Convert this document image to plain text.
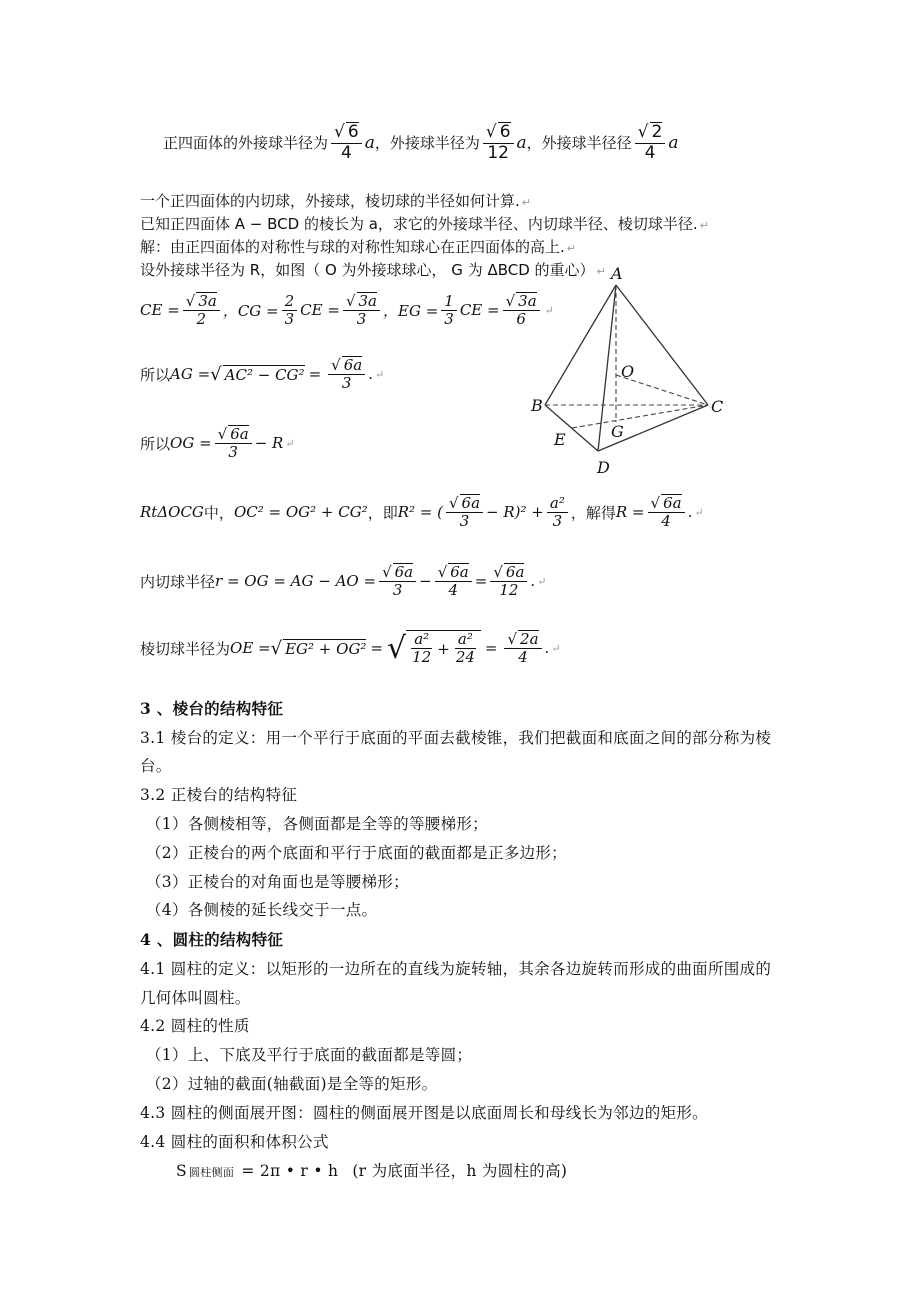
正四面体的外接球半径为 $\frac{√ 6}{4}$ a ，外接球半径为 $\frac{√ 6}{12}$ a ，外接球半径径 $\frac{√ 2}{4}$ a
一个正四面体的内切球，外接球，棱切球的半径如何计算. ↵
已知正四面体 A − BCD 的棱长为 a，求它的外接球半径、内切球半径、棱切球半径. ↵
解：由正四面体的对称性与球的对称性知球心在正四面体的高上. ↵
设外接球半径为 R，如图（ O 为外接球球心， G 为 ΔBCD 的重心） ↵
CE = $\frac{√ 3a}{2}$ ，CG = $\frac{2}{3}$ CE = $\frac{√ 3a}{3}$ ，EG = $\frac{1}{3}$ CE = $\frac{√ 3a}{6}$ ↵
所以 AG = √ $AC^2 - CG^2 = \frac{√ 6a}{3}$ . ↵
所以 OG = $\frac{√ 6a}{3} - R$ ↵
A
O
B	C
E	G
D
RtΔOCG 中， OC² = OG² + CG² ，即 R² = ( $\frac{√ 6a}{3} - R)^2 + \frac{\text{a²}}{3}$ ，解得 $R = \frac{√ 6a}{4}$ . ↵
内切球半径 r = OG = AG − AO = $\frac{√ 6a}{3} - \frac{√ 6a}{4} = \frac{√ 6a}{12}$ . ↵
棱切球半径为 OE = √ EG² + OG² = √ $\frac{\text{a²}}{12} + \frac{\text{a²}}{24} = \frac{√ 2a}{4}$ . ↵
3 、棱台的结构特征
3.1 棱台的定义：用一个平行于底面的平面去截棱锥，我们把截面和底面之间的部分称为棱
台。
3.2 正棱台的结构特征
（1）各侧棱相等，各侧面都是全等的等腰梯形；
（2）正棱台的两个底面和平行于底面的截面都是正多边形；
（3）正棱台的对角面也是等腰梯形；
（4）各侧棱的延长线交于一点。
4 、圆柱的结构特征
4.1 圆柱的定义：以矩形的一边所在的直线为旋转轴，其余各边旋转而形成的曲面所围成的
几何体叫圆柱。
4.2 圆柱的性质
（1）上、下底及平行于底面的截面都是等圆；
（2）过轴的截面(轴截面)是全等的矩形。
4.3 圆柱的侧面展开图：圆柱的侧面展开图是以底面周长和母线长为邻边的矩形。
4.4 圆柱的面积和体积公式
S 圆柱侧面 = 2π • r • h (r 为底面半径，h 为圆柱的高)
